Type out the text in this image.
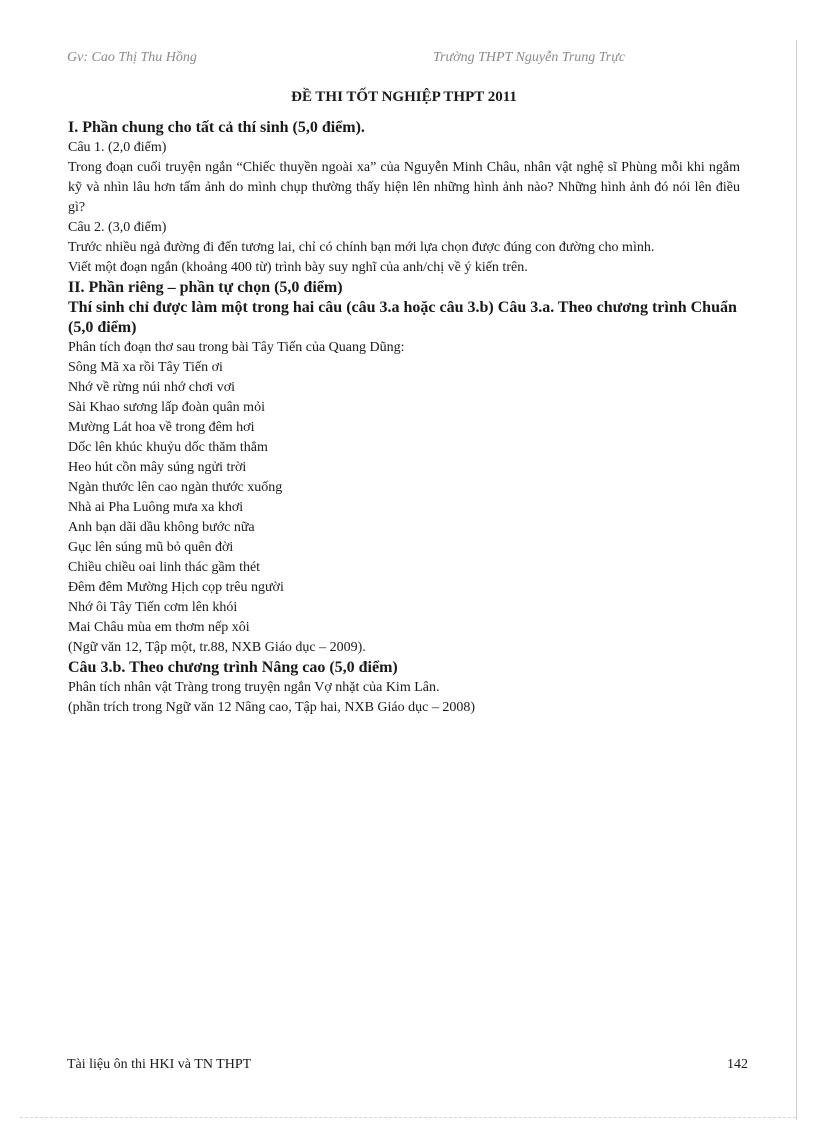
Gv: Cao Thị Thu Hồng	Trường THPT Nguyễn Trung Trực
ĐỀ THI TỐT NGHIỆP THPT 2011
I. Phần chung cho tất cả thí sinh (5,0 điểm).
Câu 1. (2,0 điểm)
Trong đoạn cuối truyện ngắn “Chiếc thuyền ngoài xa” của Nguyễn Minh Châu, nhân vật nghệ sĩ Phùng mỗi khi ngắm kỹ và nhìn lâu hơn tấm ảnh do mình chụp thường thấy hiện lên những hình ảnh nào? Những hình ảnh đó nói lên điều gì?
Câu 2. (3,0 điểm)
Trước nhiều ngả đường đi đến tương lai, chỉ có chính bạn mới lựa chọn được đúng con đường cho mình.
Viết một đoạn ngắn (khoảng 400 từ) trình bày suy nghĩ của anh/chị về ý kiến trên.
II. Phần riêng – phần tự chọn (5,0 điểm)
Thí sinh chỉ được làm một trong hai câu (câu 3.a hoặc câu 3.b) Câu 3.a. Theo chương trình Chuẩn (5,0 điểm)
Phân tích đoạn thơ sau trong bài Tây Tiến của Quang Dũng:
Sông Mã xa rồi Tây Tiến ơi
Nhớ về rừng núi nhớ chơi vơi
Sài Khao sương lấp đoàn quân mỏi
Mường Lát hoa về trong đêm hơi
Dốc lên khúc khuỷu dốc thăm thẳm
Heo hút cồn mây súng ngửi trời
Ngàn thước lên cao ngàn thước xuống
Nhà ai Pha Luông mưa xa khơi
Anh bạn dãi dầu không bước nữa
Gục lên súng mũ bỏ quên đời
Chiều chiều oai linh thác gầm thét
Đêm đêm Mường Hịch cọp trêu người
Nhớ ôi Tây Tiến cơm lên khói
Mai Châu mùa em thơm nếp xôi
(Ngữ văn 12, Tập một, tr.88, NXB Giáo dục – 2009).
Câu 3.b. Theo chương trình Nâng cao (5,0 điểm)
Phân tích nhân vật Tràng trong truyện ngắn Vợ nhặt của Kim Lân.
(phần trích trong Ngữ văn 12 Nâng cao, Tập hai, NXB Giáo dục – 2008)
Tài liệu ôn thi HKI và TN THPT	142
